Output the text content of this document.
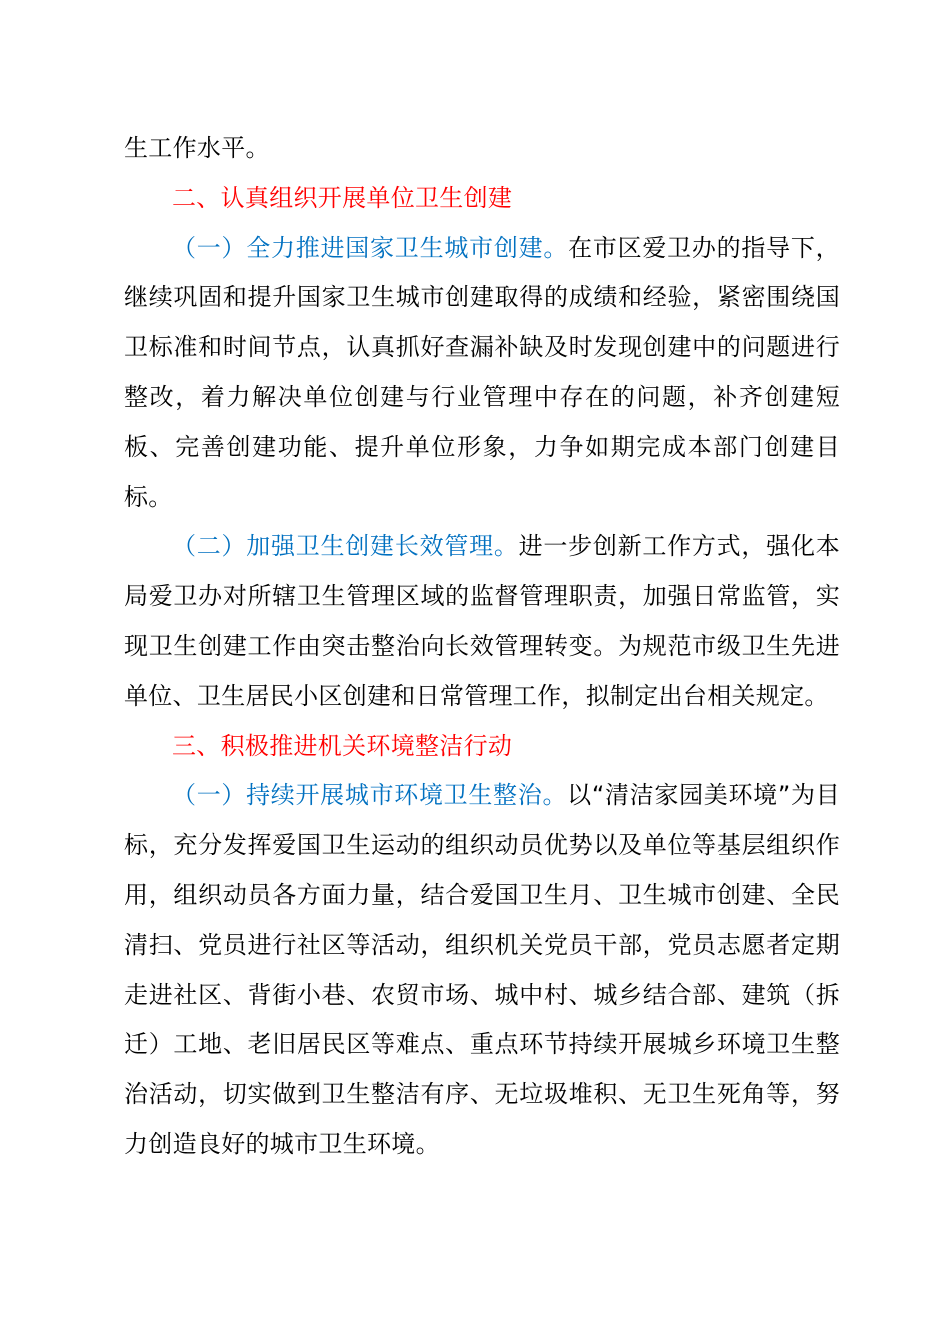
生工作水平。

二、认真组织开展单位卫生创建

（一）全力推进国家卫生城市创建。在市区爱卫办的指导下，继续巩固和提升国家卫生城市创建取得的成绩和经验，紧密围绕国卫标准和时间节点，认真抓好查漏补缺及时发现创建中的问题进行整改，着力解决单位创建与行业管理中存在的问题，补齐创建短板、完善创建功能、提升单位形象，力争如期完成本部门创建目标。

（二）加强卫生创建长效管理。进一步创新工作方式，强化本局爱卫办对所辖卫生管理区域的监督管理职责，加强日常监管，实现卫生创建工作由突击整治向长效管理转变。为规范市级卫生先进单位、卫生居民小区创建和日常管理工作，拟制定出台相关规定。

三、积极推进机关环境整洁行动

（一）持续开展城市环境卫生整治。以“清洁家园美环境”为目标，充分发挥爱国卫生运动的组织动员优势以及单位等基层组织作用，组织动员各方面力量，结合爱国卫生月、卫生城市创建、全民清扫、党员进行社区等活动，组织机关党员干部，党员志愿者定期走进社区、背街小巷、农贸市场、城中村、城乡结合部、建筑（拆迁）工地、老旧居民区等难点、重点环节持续开展城乡环境卫生整治活动，切实做到卫生整洁有序、无垃圾堆积、无卫生死角等，努力创造良好的城市卫生环境。
